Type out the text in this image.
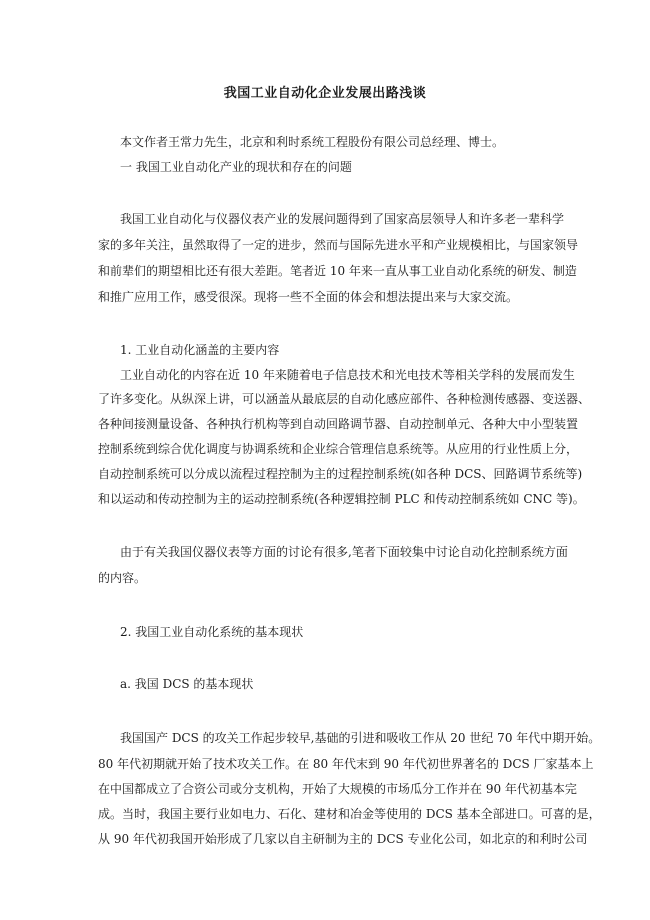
我国工业自动化企业发展出路浅谈

本文作者王常力先生，北京和利时系统工程股份有限公司总经理、博士。

一 我国工业自动化产业的现状和存在的问题

我国工业自动化与仪器仪表产业的发展问题得到了国家高层领导人和许多老一辈科学

家的多年关注，虽然取得了一定的进步，然而与国际先进水平和产业规模相比，与国家领导

和前辈们的期望相比还有很大差距。笔者近 10 年来一直从事工业自动化系统的研发、制造

和推广应用工作，感受很深。现将一些不全面的体会和想法提出来与大家交流。

1. 工业自动化涵盖的主要内容

工业自动化的内容在近 10 年来随着电子信息技术和光电技术等相关学科的发展而发生

了许多变化。从纵深上讲，可以涵盖从最底层的自动化感应部件、各种检测传感器、变送器、

各种间接测量设备、各种执行机构等到自动回路调节器、自动控制单元、各种大中小型装置

控制系统到综合优化调度与协调系统和企业综合管理信息系统等。从应用的行业性质上分，

自动控制系统可以分成以流程过程控制为主的过程控制系统(如各种 DCS、回路调节系统等)

和以运动和传动控制为主的运动控制系统(各种逻辑控制 PLC 和传动控制系统如 CNC 等)。

由于有关我国仪器仪表等方面的讨论有很多,笔者下面较集中讨论自动化控制系统方面

的内容。

2. 我国工业自动化系统的基本现状

a. 我国 DCS 的基本现状

我国国产 DCS 的攻关工作起步较早,基础的引进和吸收工作从 20 世纪 70 年代中期开始。

80 年代初期就开始了技术攻关工作。在 80 年代末到 90 年代初世界著名的 DCS 厂家基本上

在中国都成立了合资公司或分支机构，开始了大规模的市场瓜分工作并在 90 年代初基本完

成。当时，我国主要行业如电力、石化、建材和冶金等使用的 DCS 基本全部进口。可喜的是，

从 90 年代初我国开始形成了几家以自主研制为主的 DCS 专业化公司，如北京的和利时公司
